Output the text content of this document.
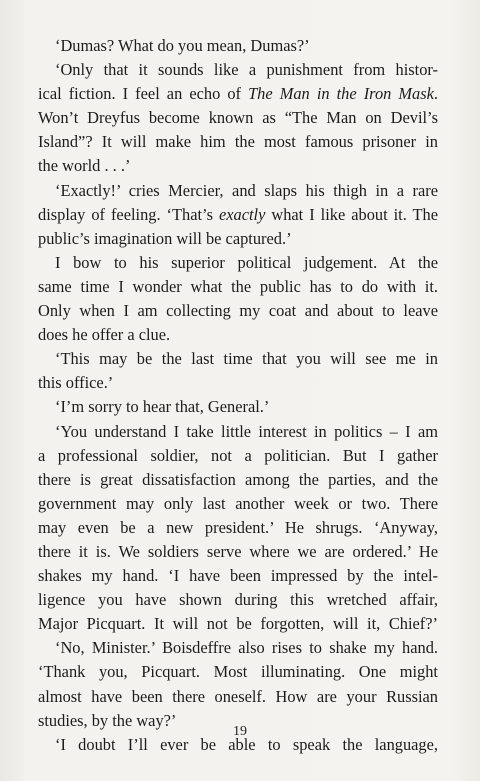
‘Dumas? What do you mean, Dumas?’
‘Only that it sounds like a punishment from histor-
ical fiction. I feel an echo of The Man in the Iron Mask.
Won’t Dreyfus become known as “The Man on Devil’s
Island”? It will make him the most famous prisoner in
the world . . .’
‘Exactly!’ cries Mercier, and slaps his thigh in a rare
display of feeling. ‘That’s exactly what I like about it. The
public’s imagination will be captured.’
I bow to his superior political judgement. At the
same time I wonder what the public has to do with it.
Only when I am collecting my coat and about to leave
does he offer a clue.
‘This may be the last time that you will see me in
this office.’
‘I’m sorry to hear that, General.’
‘You understand I take little interest in politics – I am
a professional soldier, not a politician. But I gather
there is great dissatisfaction among the parties, and the
government may only last another week or two. There
may even be a new president.’ He shrugs. ‘Anyway,
there it is. We soldiers serve where we are ordered.’ He
shakes my hand. ‘I have been impressed by the intel-
ligence you have shown during this wretched affair,
Major Picquart. It will not be forgotten, will it, Chief?’
‘No, Minister.’ Boisdeffre also rises to shake my hand.
‘Thank you, Picquart. Most illuminating. One might
almost have been there oneself. How are your Russian
studies, by the way?’
‘I doubt I’ll ever be able to speak the language,
19
